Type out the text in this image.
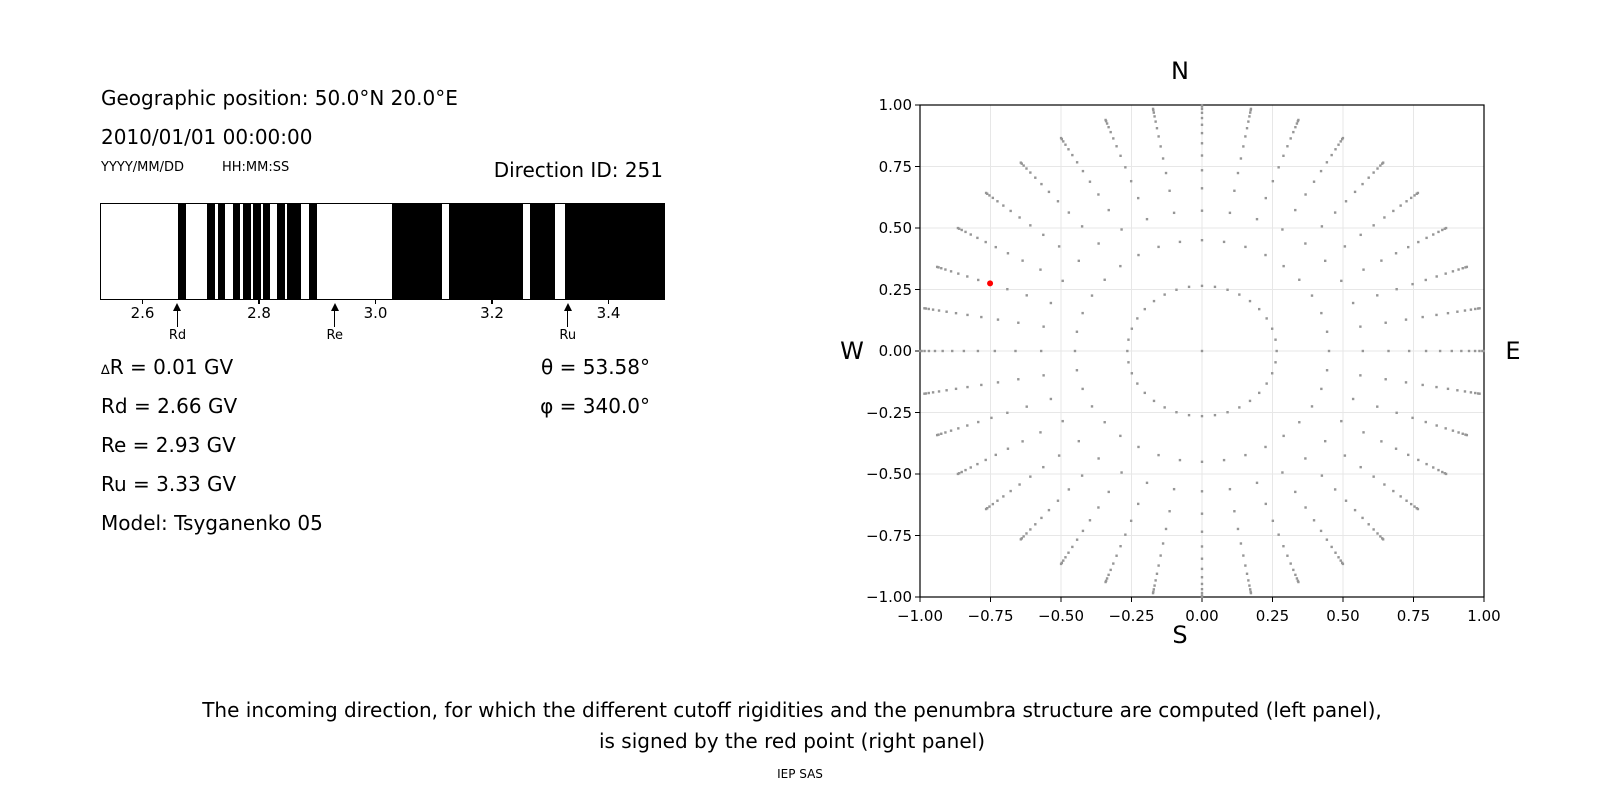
Geographic position: 50.0°N 20.0°E
2010/01/01 00:00:00
YYYY/MM/DD	HH:MM:SS	Direction ID: 251
2.6	2.8	3.0	3.2	3.4
Rd	Re	Ru
∆R = 0.01 GV
Rd = 2.66 GV
Re = 2.93 GV
Ru = 3.33 GV
Model: Tsyganenko 05
θ = 53.58°
φ = 340.0°
N
S
W	E
The incoming direction, for which the different cutoff rigidities and the penumbra structure are computed (left panel),
is signed by the red point (right panel)
IEP SAS
−1.00 −0.75 −0.50 −0.25 0.00 0.25 0.50 0.75 1.00
1.00
0.75
0.50
0.25
0.00
−0.25
−0.50
−0.75
−1.00
